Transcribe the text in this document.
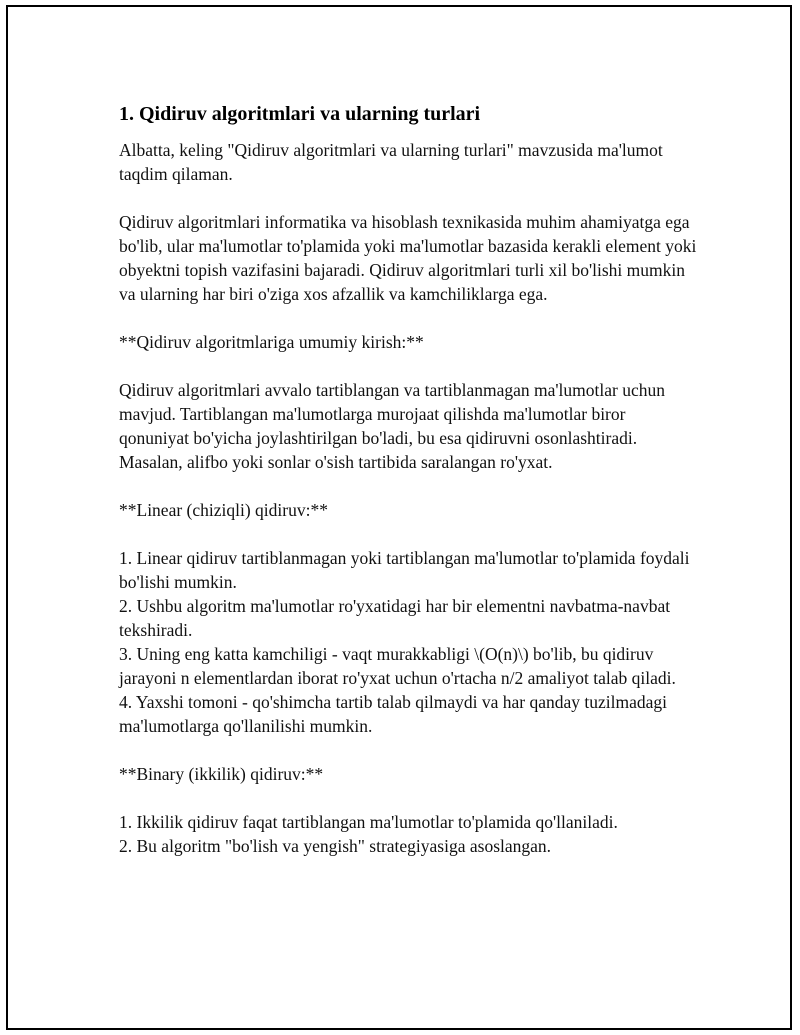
1. Qidiruv algoritmlari va ularning turlari

Albatta, keling "Qidiruv algoritmlari va ularning turlari" mavzusida ma'lumot taqdim qilaman.

Qidiruv algoritmlari informatika va hisoblash texnikasida muhim ahamiyatga ega bo'lib, ular ma'lumotlar to'plamida yoki ma'lumotlar bazasida kerakli element yoki obyektni topish vazifasini bajaradi. Qidiruv algoritmlari turli xil bo'lishi mumkin va ularning har biri o'ziga xos afzallik va kamchiliklarga ega.

**Qidiruv algoritmlariga umumiy kirish:**

Qidiruv algoritmlari avvalo tartiblangan va tartiblanmagan ma'lumotlar uchun mavjud. Tartiblangan ma'lumotlarga murojaat qilishda ma'lumotlar biror qonuniyat bo'yicha joylashtirilgan bo'ladi, bu esa qidiruvni osonlashtiradi. Masalan, alifbo yoki sonlar o'sish tartibida saralangan ro'yxat.

**Linear (chiziqli) qidiruv:**

1. Linear qidiruv tartiblanmagan yoki tartiblangan ma'lumotlar to'plamida foydali bo'lishi mumkin.

2. Ushbu algoritm ma'lumotlar ro'yxatidagi har bir elementni navbatma-navbat tekshiradi.

3. Uning eng katta kamchiligi - vaqt murakkabligi \(O(n)\) bo'lib, bu qidiruv jarayoni n elementlardan iborat ro'yxat uchun o'rtacha n/2 amaliyot talab qiladi.

4. Yaxshi tomoni - qo'shimcha tartib talab qilmaydi va har qanday tuzilmadagi ma'lumotlarga qo'llanilishi mumkin.

**Binary (ikkilik) qidiruv:**

1. Ikkilik qidiruv faqat tartiblangan ma'lumotlar to'plamida qo'llaniladi.

2. Bu algoritm "bo'lish va yengish" strategiyasiga asoslangan.
